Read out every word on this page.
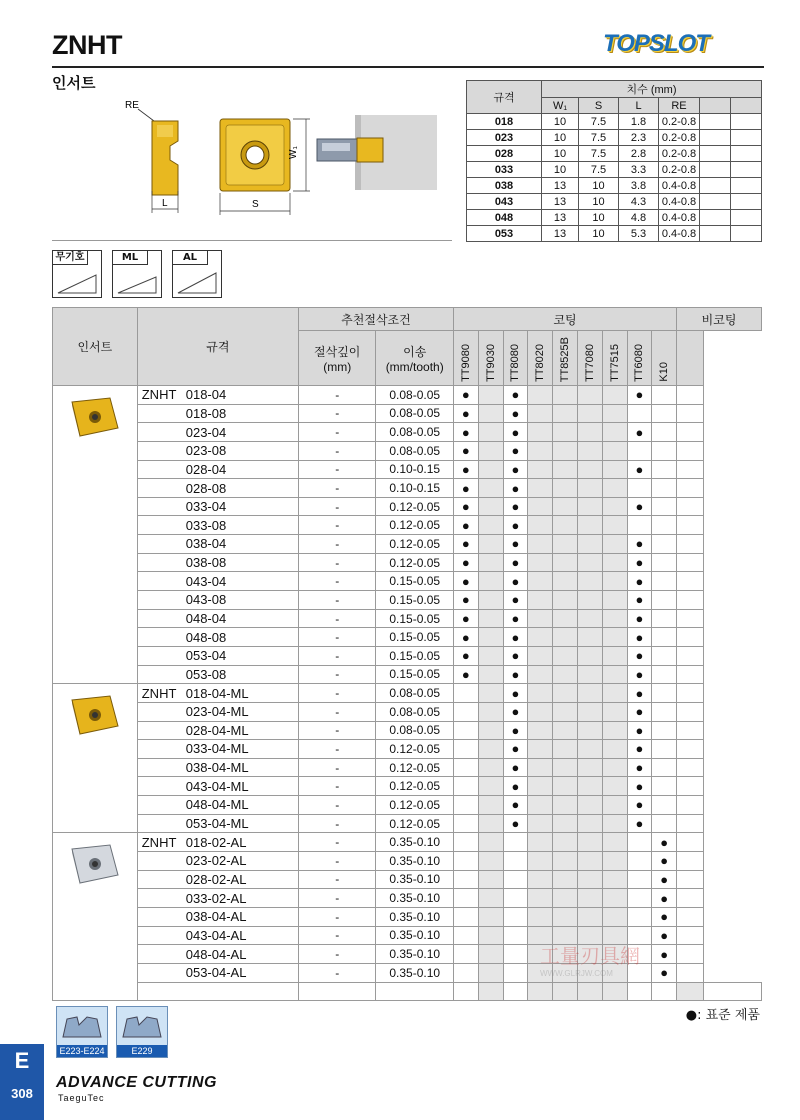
ZNHT	TOPSLOT
인서트
RE
L	S
W₁
규격	치수 (mm)					
	W₁	S	L	RE		
018	10	7.5	1.8	0.2-0.8		
023	10	7.5	2.3	0.2-0.8		
028	10	7.5	2.8	0.2-0.8		
033	10	7.5	3.3	0.2-0.8		
038	13	10	3.8	0.4-0.8		
043	13	10	4.3	0.4-0.8		
048	13	10	4.8	0.4-0.8		
053	13	10	5.3	0.4-0.8		
무기호	ML	AL
인서트	규격	추천절삭조건		코팅									비코팅	
		절삭깊이
(mm)	이송
(mm/tooth)	TT9080	TT9030	TT8080	TT8020	TT8525B	TT7080	TT7515	TT6080	K10		
	ZNHT 018-04	-	0.08-0.05	●		●					●			
	018-08	-	0.08-0.05	●		●								
	023-04	-	0.08-0.05	●		●					●			
	023-08	-	0.08-0.05	●		●								
	028-04	-	0.10-0.15	●		●					●			
	028-08	-	0.10-0.15	●		●								
	033-04	-	0.12-0.05	●		●					●			
	033-08	-	0.12-0.05	●		●								
	038-04	-	0.12-0.05	●		●					●			
	038-08	-	0.12-0.05	●		●					●			
	043-04	-	0.15-0.05	●		●					●			
	043-08	-	0.15-0.05	●		●					●			
	048-04	-	0.15-0.05	●		●					●			
	048-08	-	0.15-0.05	●		●					●			
	053-04	-	0.15-0.05	●		●					●			
	053-08	-	0.15-0.05	●		●					●			
	ZNHT 018-04-ML	-	0.08-0.05			●					●			
	023-04-ML	-	0.08-0.05			●					●			
	028-04-ML	-	0.08-0.05			●					●			
	033-04-ML	-	0.12-0.05			●					●			
	038-04-ML	-	0.12-0.05			●					●			
	043-04-ML	-	0.12-0.05			●					●			
	048-04-ML	-	0.12-0.05			●					●			
	053-04-ML	-	0.12-0.05			●					●			
	ZNHT 018-02-AL	-	0.35-0.10									●		
	023-02-AL	-	0.35-0.10									●		
	028-02-AL	-	0.35-0.10									●		
	033-02-AL	-	0.35-0.10									●		
	038-04-AL	-	0.35-0.10									●		
	043-04-AL	-	0.35-0.10									●		
	048-04-AL	-	0.35-0.10									●		
	053-04-AL	-	0.35-0.10									●		

●: 표준 제품
E223-E224	E229
工量刃具網
WWW.GLRJW.COM
E
308
ADVANCE CUTTING
TaeguTec
